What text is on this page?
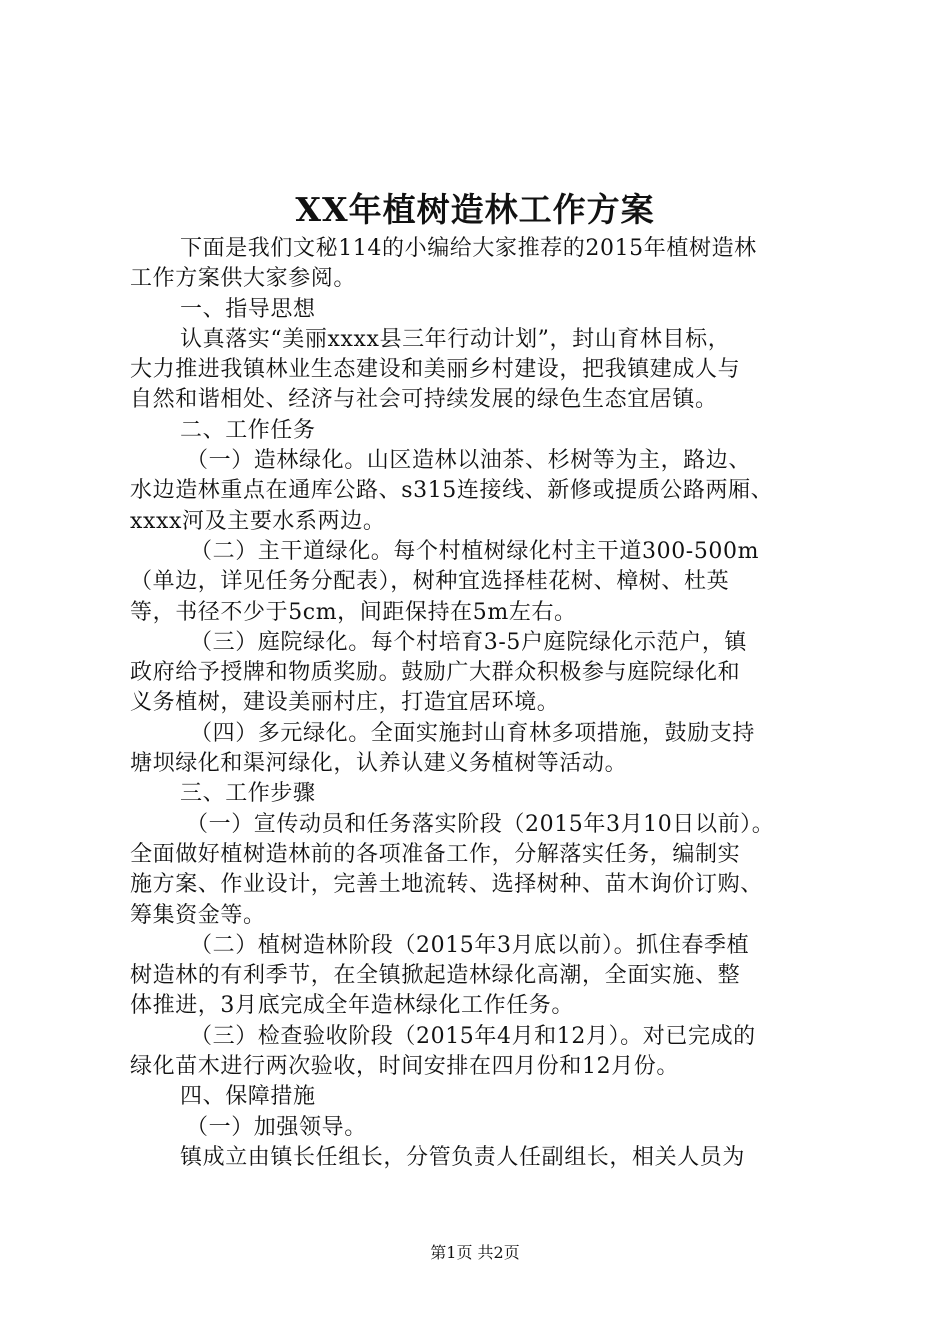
XX年植树造林工作方案
下面是我们文秘114的小编给大家推荐的2015年植树造林
工作方案供大家参阅。
一、指导思想
认真落实“美丽xxxx县三年行动计划”，封山育林目标，
大力推进我镇林业生态建设和美丽乡村建设，把我镇建成人与
自然和谐相处、经济与社会可持续发展的绿色生态宜居镇。
二、工作任务
（一）造林绿化。山区造林以油茶、杉树等为主，路边、
水边造林重点在通库公路、s315连接线、新修或提质公路两厢、
xxxx河及主要水系两边。
（二）主干道绿化。每个村植树绿化村主干道300-500m
（单边，详见任务分配表），树种宜选择桂花树、樟树、杜英
等，书径不少于5cm，间距保持在5m左右。
（三）庭院绿化。每个村培育3-5户庭院绿化示范户，镇
政府给予授牌和物质奖励。鼓励广大群众积极参与庭院绿化和
义务植树，建设美丽村庄，打造宜居环境。
（四）多元绿化。全面实施封山育林多项措施，鼓励支持
塘坝绿化和渠河绿化，认养认建义务植树等活动。
三、工作步骤
（一）宣传动员和任务落实阶段（2015年3月10日以前）。
全面做好植树造林前的各项准备工作，分解落实任务，编制实
施方案、作业设计，完善土地流转、选择树种、苗木询价订购、
筹集资金等。
（二）植树造林阶段（2015年3月底以前）。抓住春季植
树造林的有利季节，在全镇掀起造林绿化高潮，全面实施、整
体推进，3月底完成全年造林绿化工作任务。
（三）检查验收阶段（2015年4月和12月）。对已完成的
绿化苗木进行两次验收，时间安排在四月份和12月份。
四、保障措施
（一）加强领导。
镇成立由镇长任组长，分管负责人任副组长，相关人员为
第1页 共2页
